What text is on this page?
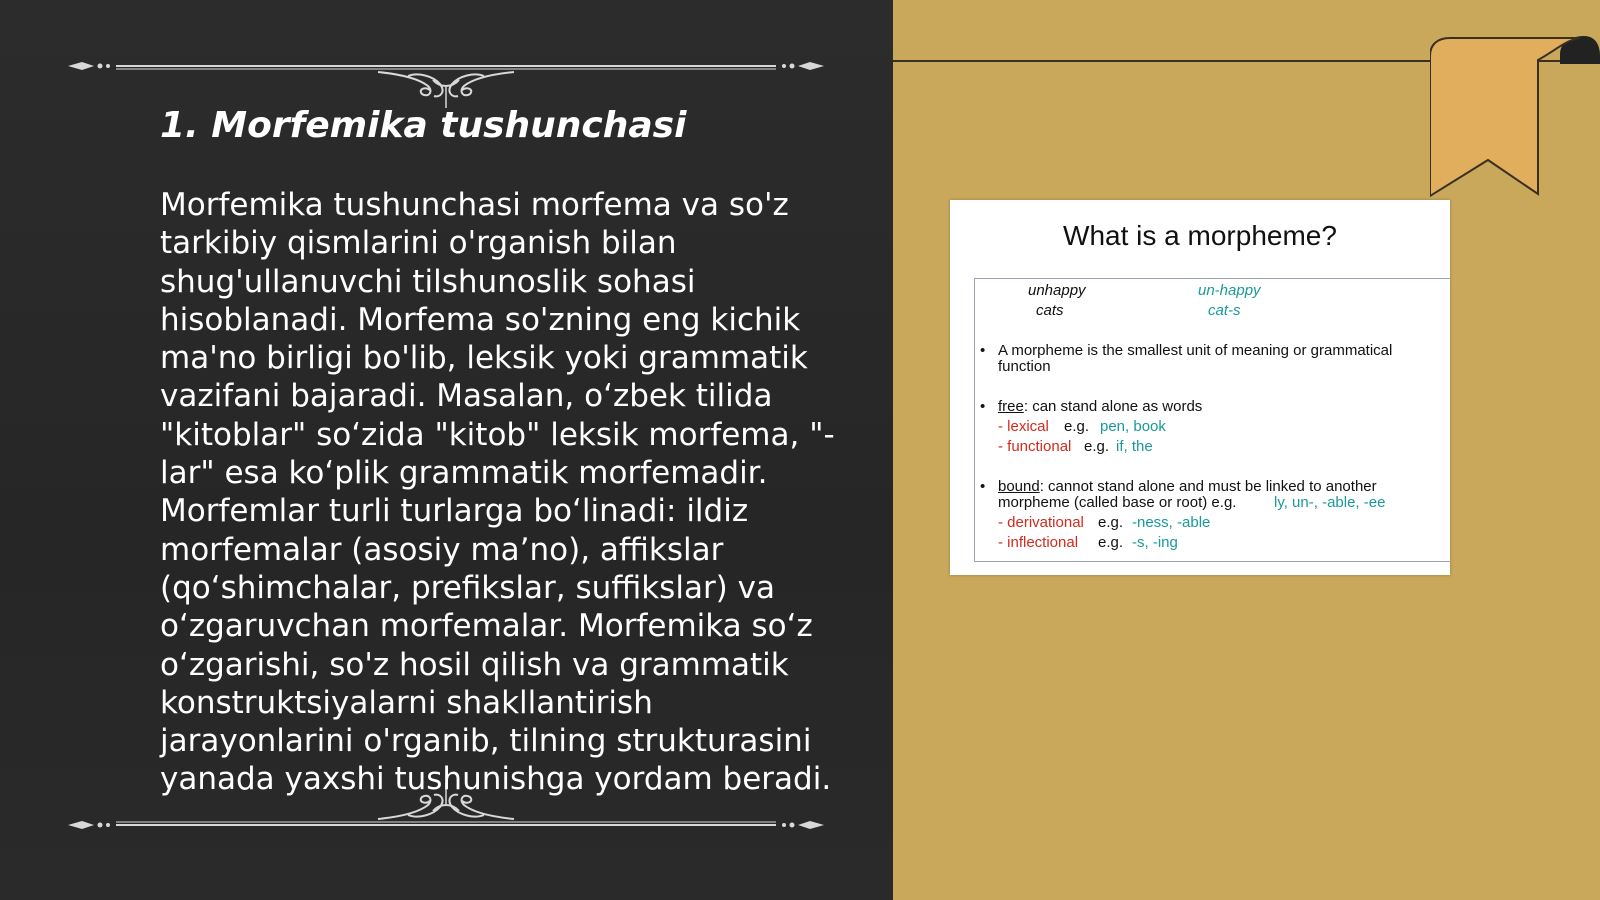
1. Morfemika tushunchasi

Morfemika tushunchasi morfema va so'z tarkibiy qismlarini o'rganish bilan shug'ullanuvchi tilshunoslik sohasi hisoblanadi. Morfema so'zning eng kichik ma'no birligi bo'lib, leksik yoki grammatik vazifani bajaradi. Masalan, o‘zbek tilida "kitoblar" so‘zida "kitob" leksik morfema, "-lar" esa ko‘plik grammatik morfemadir. Morfemlar turli turlarga bo‘linadi: ildiz morfemalar (asosiy ma’no), affikslar (qo‘shimchalar, prefikslar, suffikslar) va o‘zgaruvchan morfemalar. Morfemika so‘z o‘zgarishi, so'z hosil qilish va grammatik konstruktsiyalarni shakllantirish jarayonlarini o'rganib, tilning strukturasini yanada yaxshi tushunishga yordam beradi.

What is a morpheme?
unhappy	un-happy
cats	cat-s
• A morpheme is the smallest unit of meaning or grammatical
function
• free: can stand alone as words
- lexical e.g. pen, book
- functional e.g. if, the
• bound: cannot stand alone and must be linked to another
morpheme (called base or root) e.g.	ly, un-, -able, -ee
- derivational e.g. -ness, -able
- inflectional e.g. -s, -ing
